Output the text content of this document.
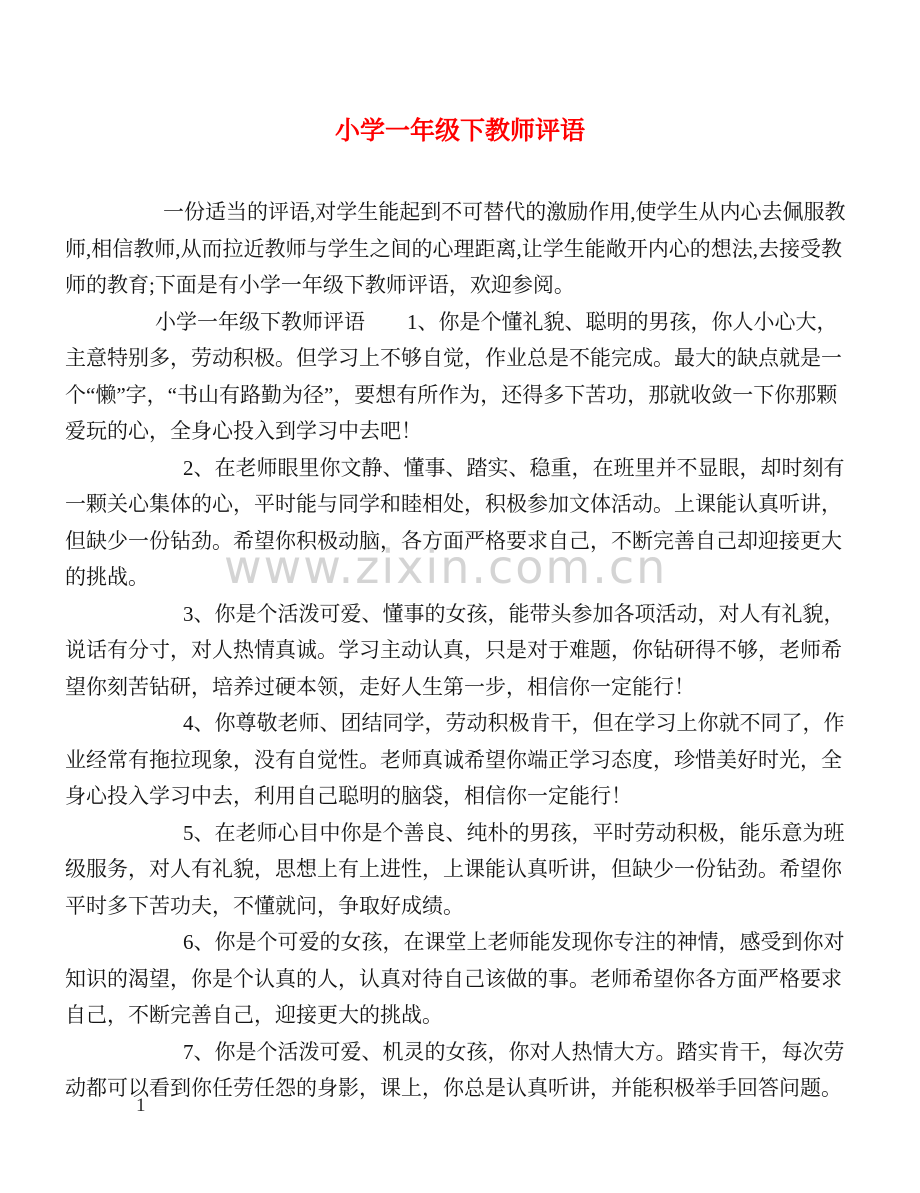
www.zixin.com.cn
小学一年级下教师评语

一份适当的评语,对学生能起到不可替代的激励作用,使学生从内心去佩服教师,相信教师,从而拉近教师与学生之间的心理距离,让学生能敞开内心的想法,去接受教师的教育;下面是有小学一年级下教师评语，欢迎参阅。

小学一年级下教师评语　　1、你是个懂礼貌、聪明的男孩，你人小心大，主意特别多，劳动积极。但学习上不够自觉，作业总是不能完成。最大的缺点就是一个“懒”字，“书山有路勤为径”，要想有所作为，还得多下苦功，那就收敛一下你那颗爱玩的心，全身心投入到学习中去吧！

2、在老师眼里你文静、懂事、踏实、稳重，在班里并不显眼，却时刻有一颗关心集体的心，平时能与同学和睦相处，积极参加文体活动。上课能认真听讲，但缺少一份钻劲。希望你积极动脑，各方面严格要求自己，不断完善自己却迎接更大的挑战。

3、你是个活泼可爱、懂事的女孩，能带头参加各项活动，对人有礼貌，说话有分寸，对人热情真诚。学习主动认真，只是对于难题，你钻研得不够，老师希望你刻苦钻研，培养过硬本领，走好人生第一步，相信你一定能行！

4、你尊敬老师、团结同学，劳动积极肯干，但在学习上你就不同了，作业经常有拖拉现象，没有自觉性。老师真诚希望你端正学习态度，珍惜美好时光，全身心投入学习中去，利用自己聪明的脑袋，相信你一定能行！

5、在老师心目中你是个善良、纯朴的男孩，平时劳动积极，能乐意为班级服务，对人有礼貌，思想上有上进性，上课能认真听讲，但缺少一份钻劲。希望你平时多下苦功夫，不懂就问，争取好成绩。

6、你是个可爱的女孩，在课堂上老师能发现你专注的神情，感受到你对知识的渴望，你是个认真的人，认真对待自己该做的事。老师希望你各方面严格要求自己，不断完善自己，迎接更大的挑战。

7、你是个活泼可爱、机灵的女孩，你对人热情大方。踏实肯干，每次劳动都可以看到你任劳任怨的身影，课上，你总是认真听讲，并能积极举手回答问题。

1
